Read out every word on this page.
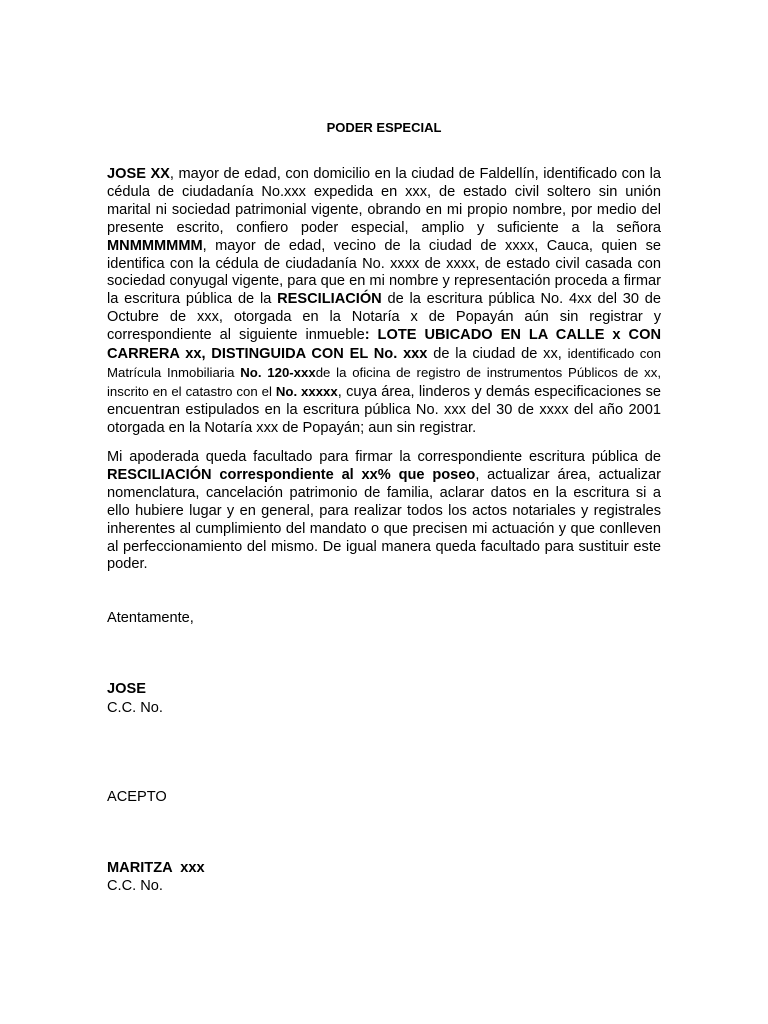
PODER ESPECIAL
JOSE XX, mayor de edad, con domicilio en la ciudad de Faldellín, identificado con la cédula de ciudadanía No.xxx expedida en xxx, de estado civil soltero sin unión marital ni sociedad patrimonial vigente, obrando en mi propio nombre, por medio del presente escrito, confiero poder especial, amplio y suficiente a la señora MNMMMMMM, mayor de edad, vecino de la ciudad de xxxx, Cauca, quien se identifica con la cédula de ciudadanía No. xxxx de xxxx, de estado civil casada con sociedad conyugal vigente, para que en mi nombre y representación proceda a firmar la escritura pública de la RESCILIACIÓN de la escritura pública No. 4xx del 30 de Octubre de xxx, otorgada en la Notaría x de Popayán aún sin registrar y correspondiente al siguiente inmueble: LOTE UBICADO EN LA CALLE x CON CARRERA xx, DISTINGUIDA CON EL No. xxx de la ciudad de xx, identificado con Matrícula Inmobiliaria No. 120-xxxde la oficina de registro de instrumentos Públicos de xx, inscrito en el catastro con el No. xxxxx, cuya área, linderos y demás especificaciones se encuentran estipulados en la escritura pública No. xxx del 30 de xxxx del año 2001 otorgada en la Notaría xxx de Popayán; aun sin registrar.
Mi apoderada queda facultado para firmar la correspondiente escritura pública de RESCILIACIÓN correspondiente al xx% que poseo, actualizar área, actualizar nomenclatura, cancelación patrimonio de familia, aclarar datos en la escritura si a ello hubiere lugar y en general, para realizar todos los actos notariales y registrales inherentes al cumplimiento del mandato o que precisen mi actuación y que conlleven al perfeccionamiento del mismo. De igual manera queda facultado para sustituir este poder.
Atentamente,
JOSE
C.C. No.
ACEPTO
MARITZA  xxx
C.C. No.
